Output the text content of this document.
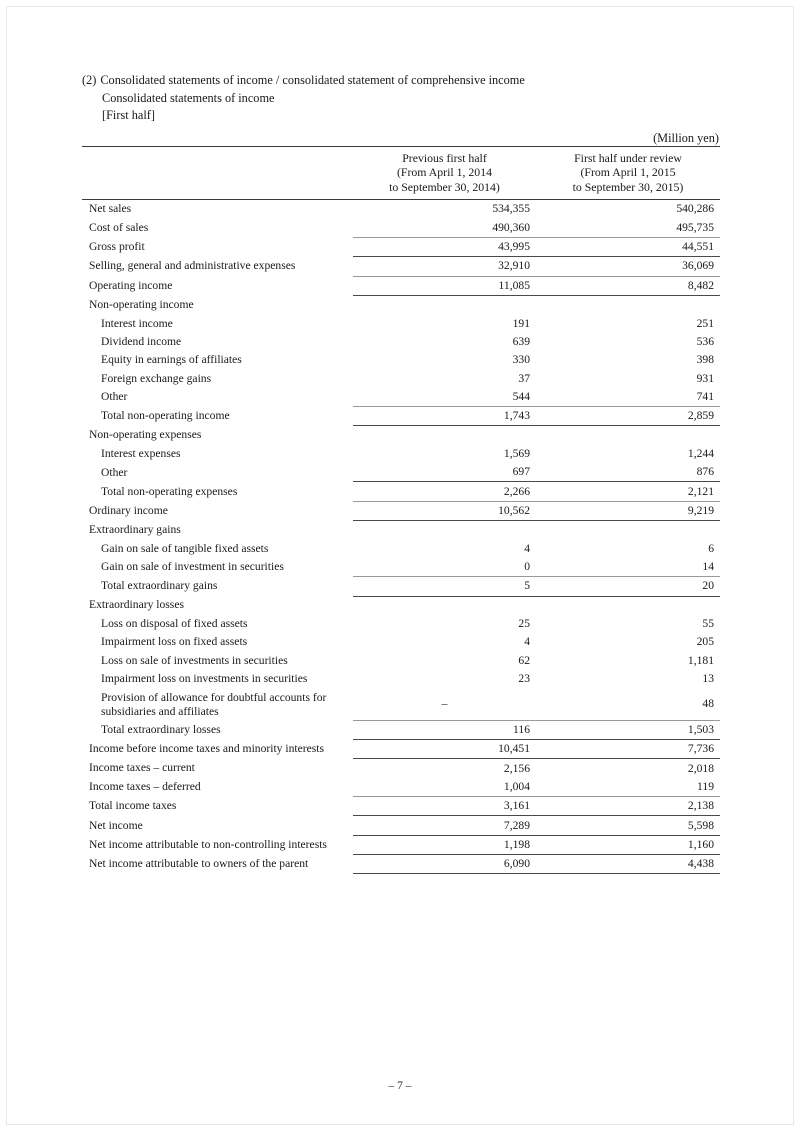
(2) Consolidated statements of income / consolidated statement of comprehensive income
Consolidated statements of income
[First half]
(Million yen)

Previous first half
(From April 1, 2014
to September 30, 2014)

First half under review
(From April 1, 2015
to September 30, 2015)

Net sales	534,355	540,286
Cost of sales	490,360	495,735
Gross profit	43,995	44,551
Selling, general and administrative expenses	32,910	36,069
Operating income	11,085	8,482
Non-operating income		
Interest income	191	251
Dividend income	639	536
Equity in earnings of affiliates	330	398
Foreign exchange gains	37	931
Other	544	741
Total non-operating income	1,743	2,859
Non-operating expenses		
Interest expenses	1,569	1,244
Other	697	876
Total non-operating expenses	2,266	2,121
Ordinary income	10,562	9,219
Extraordinary gains		
Gain on sale of tangible fixed assets	4	6
Gain on sale of investment in securities	0	14
Total extraordinary gains	5	20
Extraordinary losses		
Loss on disposal of fixed assets	25	55
Impairment loss on fixed assets	4	205
Loss on sale of investments in securities	62	1,181
Impairment loss on investments in securities	23	13
Provision of allowance for doubtful accounts for subsidiaries and affiliates	–	48
Total extraordinary losses	116	1,503
Income before income taxes and minority interests	10,451	7,736
Income taxes – current	2,156	2,018
Income taxes – deferred	1,004	119
Total income taxes	3,161	2,138
Net income	7,289	5,598
Net income attributable to non-controlling interests	1,198	1,160
Net income attributable to owners of the parent	6,090	4,438
– 7 –
